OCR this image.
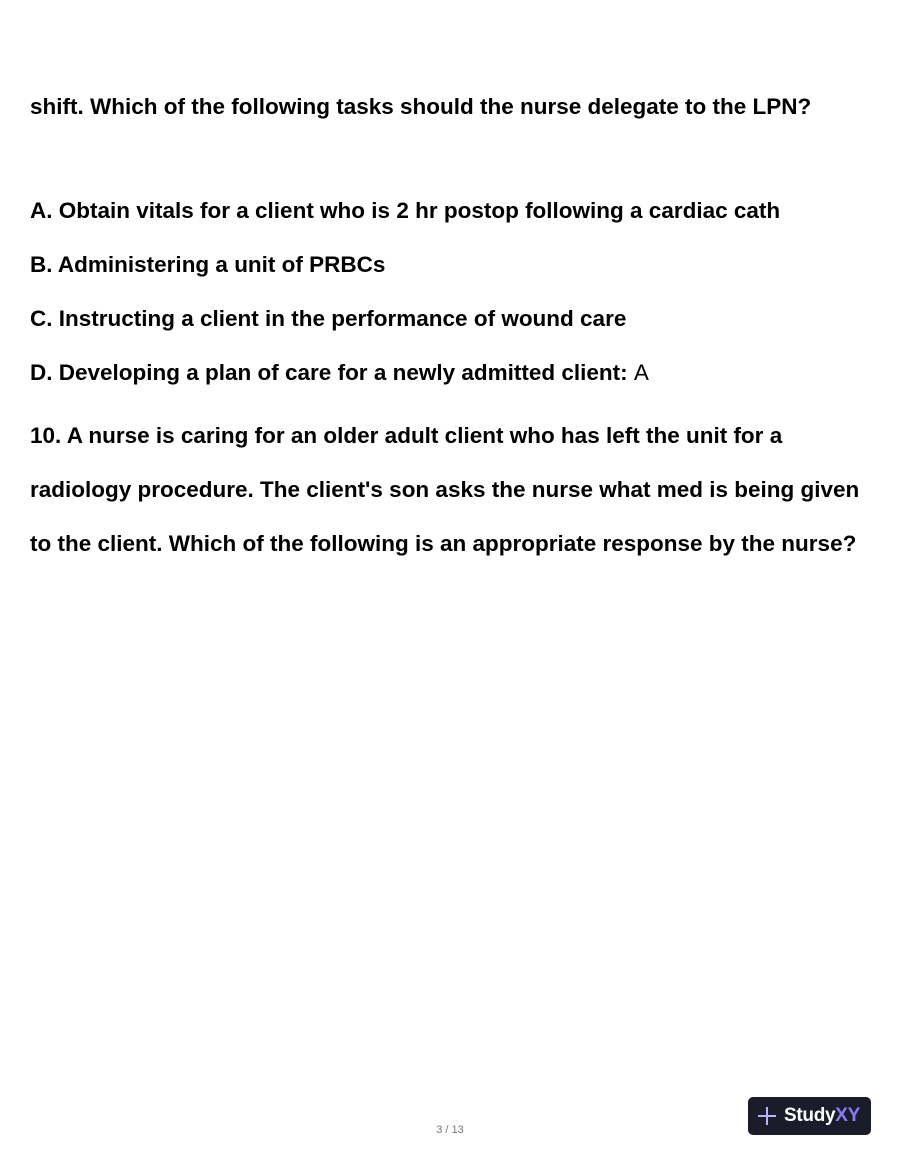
shift. Which of the following tasks should the nurse delegate to the LPN?
A. Obtain vitals for a client who is 2 hr postop following a cardiac cath
B. Administering a unit of PRBCs
C. Instructing a client in the performance of wound care
D. Developing a plan of care for a newly admitted client: A
10. A nurse is caring for an older adult client who has left the unit for a
radiology procedure. The client's son asks the nurse what med is being given
to the client. Which of the following is an appropriate response by the nurse?
3 / 13
StudyXY
